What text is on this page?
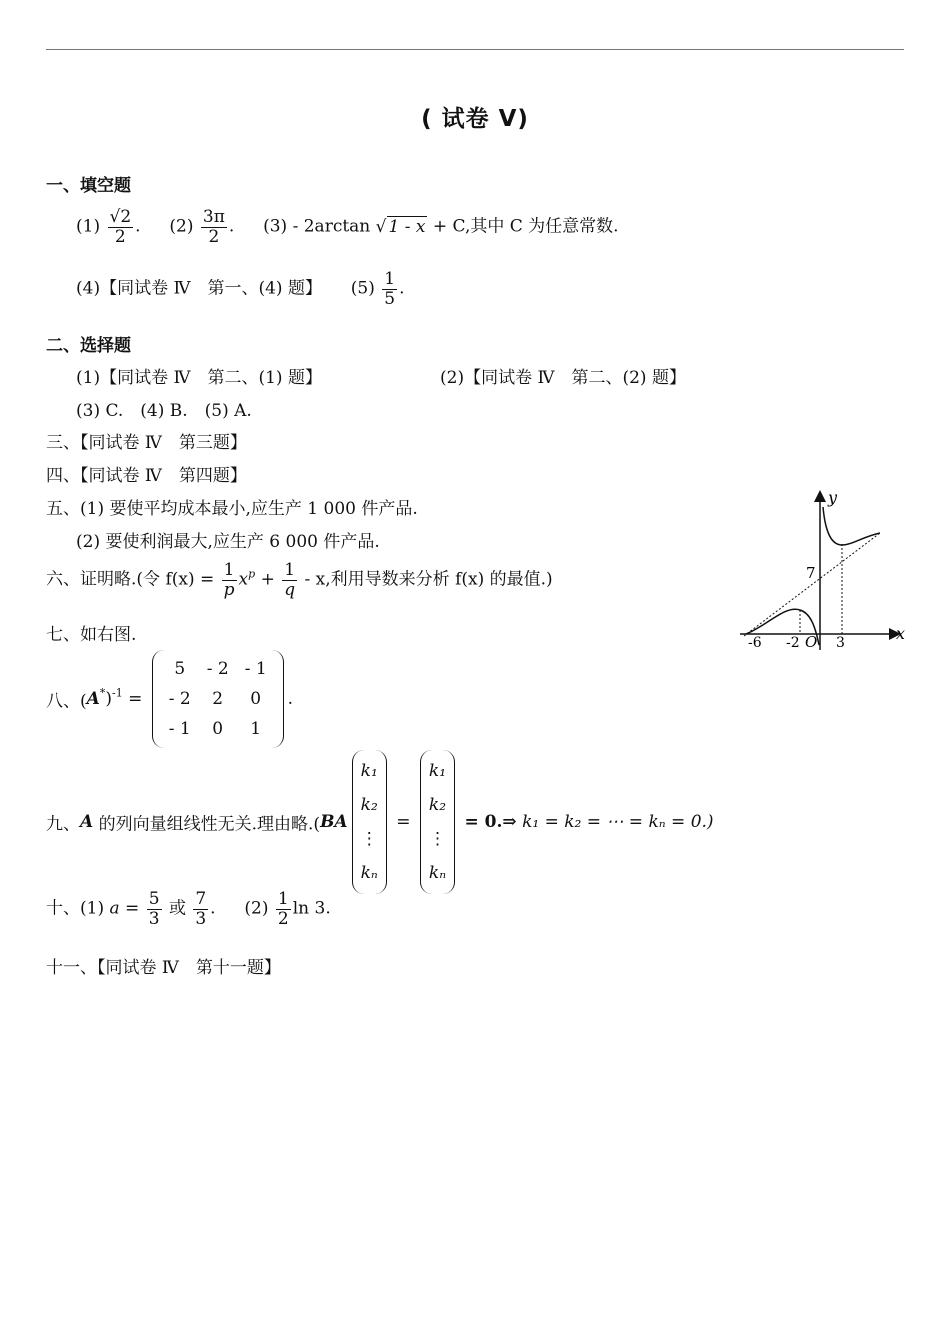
( 试卷 Ⅴ)
一、填空题
$(1) \frac{√2}{2}$ . $(2) \frac{3\pi}{2}$ . (3) - 2arctan √ 1 - x + C,其中 C 为任意常数.
(4)【同试卷 Ⅳ　第一、(4) 题】 $(5) \frac{1}{5}$ .
二、选择题
(1)【同试卷 Ⅳ　第二、(1) 题】	(2)【同试卷 Ⅳ　第二、(2) 题】
(3) C.　(4) B.　(5) A.
三、【同试卷 Ⅳ　第三题】
四、【同试卷 Ⅳ　第四题】
五、(1) 要使平均成本最小,应生产 1 000 件产品.
(2) 要使利润最大,应生产 6 000 件产品.
六、证明略.(令 $f(x) = \frac{1}{p} x^p + \frac{1}{q} - x$,利用导数来分析 f(x) 的最值.)
七、如右图.
八、$(A^*)^{-1}$ =
5	- 2	- 1
- 2	2	0
- 1	0	1
.
九、A 的列向量组线性无关.理由略.(BA
k₁
k₂
⋮
kₙ
=
k₁
k₂
⋮
kₙ
= 0.⇒ k₁ = k₂ = ⋯ = kₙ = 0.)
十、(1) $a = \frac{5}{3}$ 或 $\frac{7}{3}$ . $(2) \frac{1}{2}$ ln 3.
十一、【同试卷 Ⅳ　第十一题】
y
x
7
-6 -2 O 3
